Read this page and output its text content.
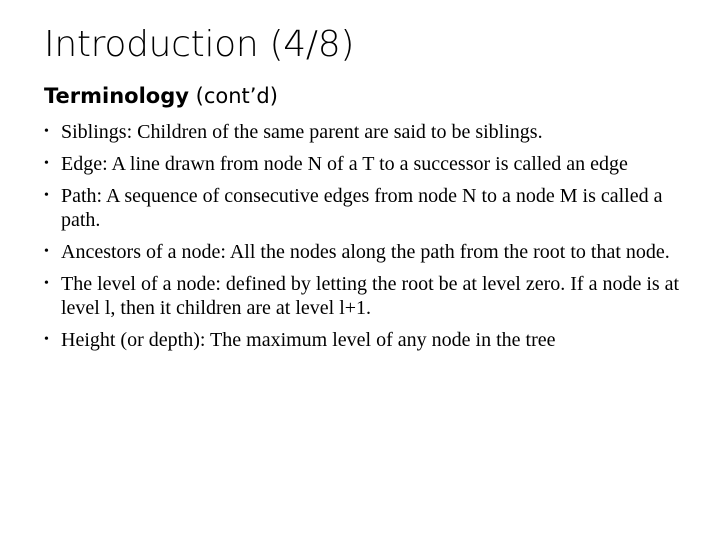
Introduction (4/8)

Terminology (cont’d)

• Siblings: Children of the same parent are said to be siblings.
• Edge: A line drawn from node N of a T to a successor is called an edge
• Path: A sequence of consecutive edges from node N to a node M is called a path.
• Ancestors of a node: All the nodes along the path from the root to that node.
• The level of a node: defined by letting the root be at level zero. If a node is at level l, then it children are at level l+1.
• Height (or depth): The maximum level of any node in the tree
